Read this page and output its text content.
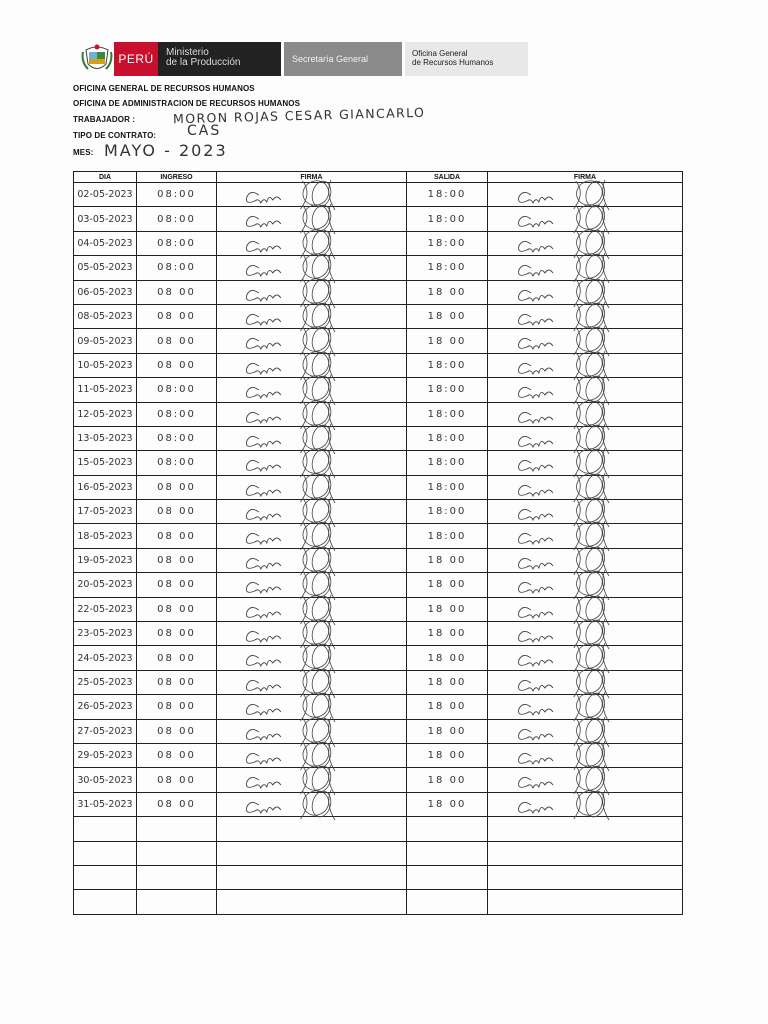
PERÚ	Ministerio
de la Producción	Secretaría General
Oficina General
de Recursos Humanos
OFICINA GENERAL DE RECURSOS HUMANOS
OFICINA DE ADMINISTRACION DE RECURSOS HUMANOS
TRABAJADOR :	MORON ROJAS CESAR GIANCARLO
TIPO DE CONTRATO: CAS
MES: MAYO - 2023
DIA	INGRESO	FIRMA	SALIDA	FIRMA
02-05-2023	08:00		18:00	

03-05-2023	08:00		18:00	

04-05-2023	08:00		18:00	

05-05-2023	08:00		18:00	

06-05-2023	08 00		18 00	

08-05-2023	08 00		18 00	

09-05-2023	08 00		18 00	

10-05-2023	08 00		18:00	

11-05-2023	08:00		18:00	

12-05-2023	08:00		18:00	

13-05-2023	08:00		18:00	

15-05-2023	08:00		18:00	

16-05-2023	08 00		18:00	

17-05-2023	08 00		18:00	

18-05-2023	08 00		18:00	

19-05-2023	08 00		18 00	

20-05-2023	08 00		18 00	

22-05-2023	08 00		18 00	

23-05-2023	08 00		18 00	

24-05-2023	08 00		18 00	

25-05-2023	08 00		18 00	

26-05-2023	08 00		18 00	

27-05-2023	08 00		18 00	

29-05-2023	08 00		18 00	

30-05-2023	08 00		18 00	

31-05-2023	08 00		18 00	
